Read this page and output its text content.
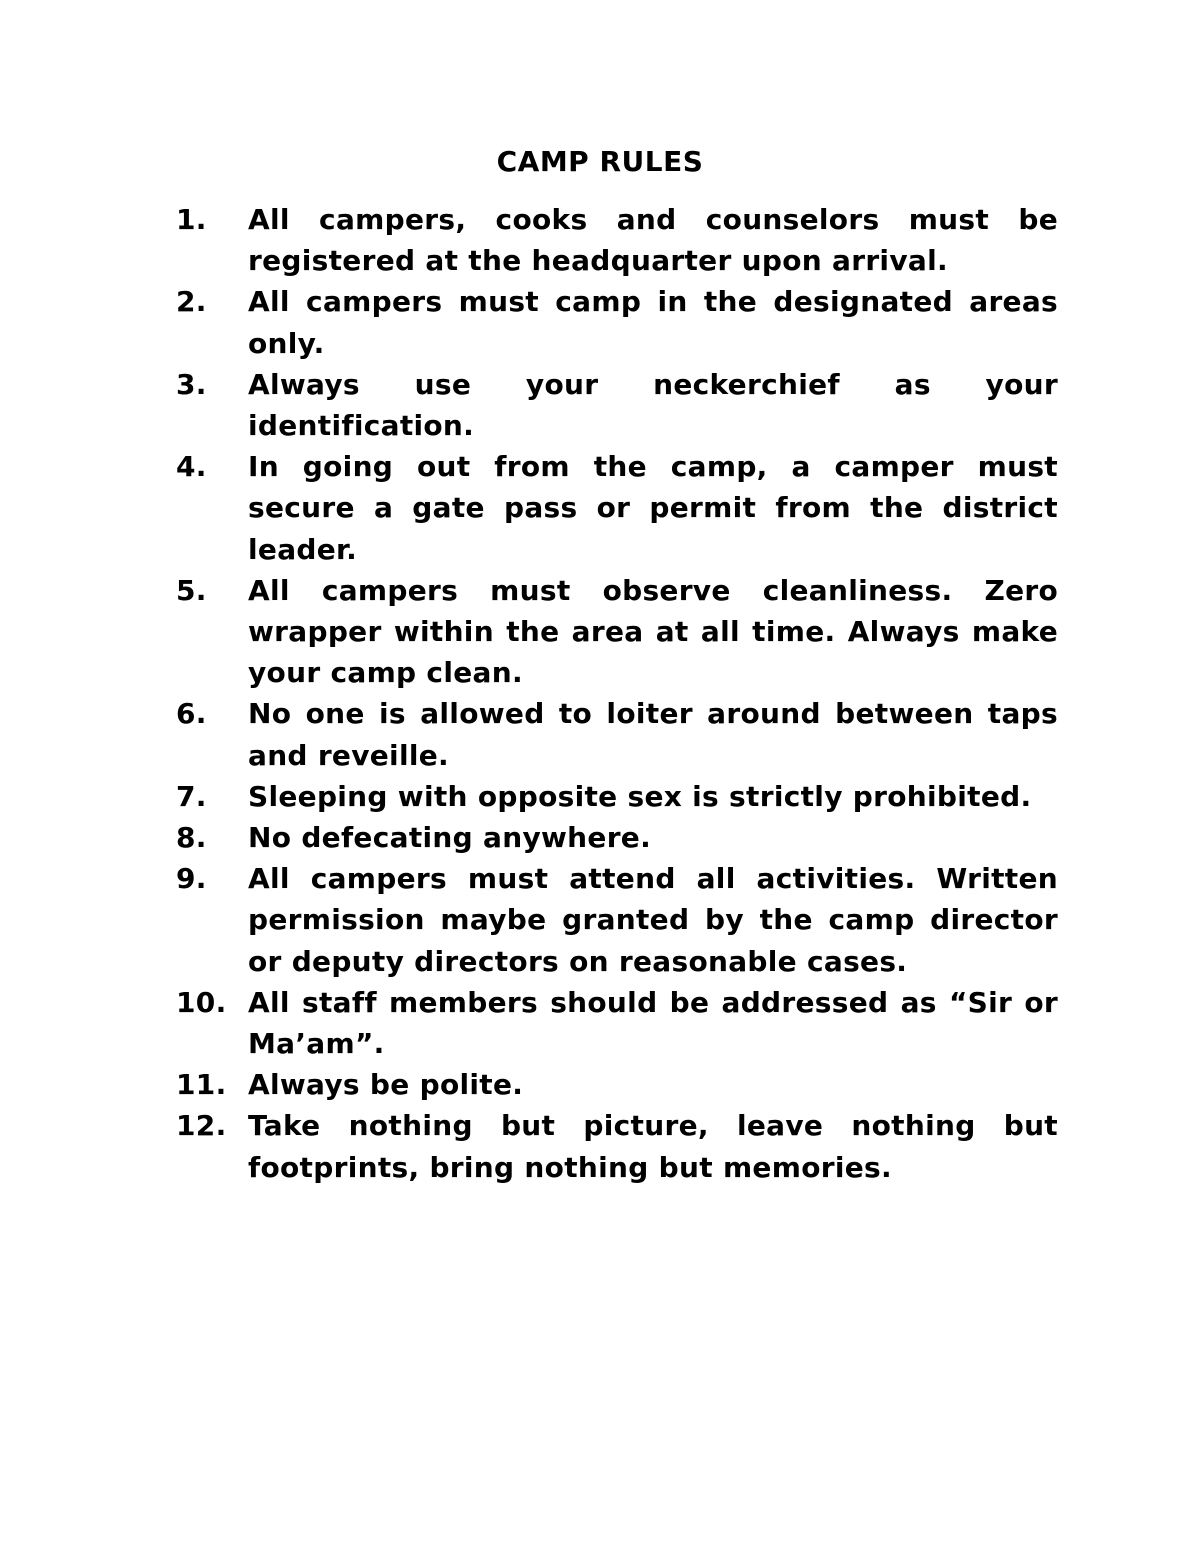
CAMP RULES
1.	All campers, cooks and counselors must be registered at the headquarter upon arrival.
2.	All campers must camp in the designated areas only.
3.	Always use your neckerchief as your identification.
4.	In going out from the camp, a camper must secure a gate pass or permit from the district leader.
5.	All campers must observe cleanliness. Zero wrapper within the area at all time. Always make your camp clean.
6.	No one is allowed to loiter around between taps and reveille.
7.	Sleeping with opposite sex is strictly prohibited.
8.	No defecating anywhere.
9.	All campers must attend all activities. Written permission maybe granted by the camp director or deputy directors on reasonable cases.
10. All staff members should be addressed as “Sir or Ma’am”.
11. Always be polite.
12. Take nothing but picture, leave nothing but footprints, bring nothing but memories.
